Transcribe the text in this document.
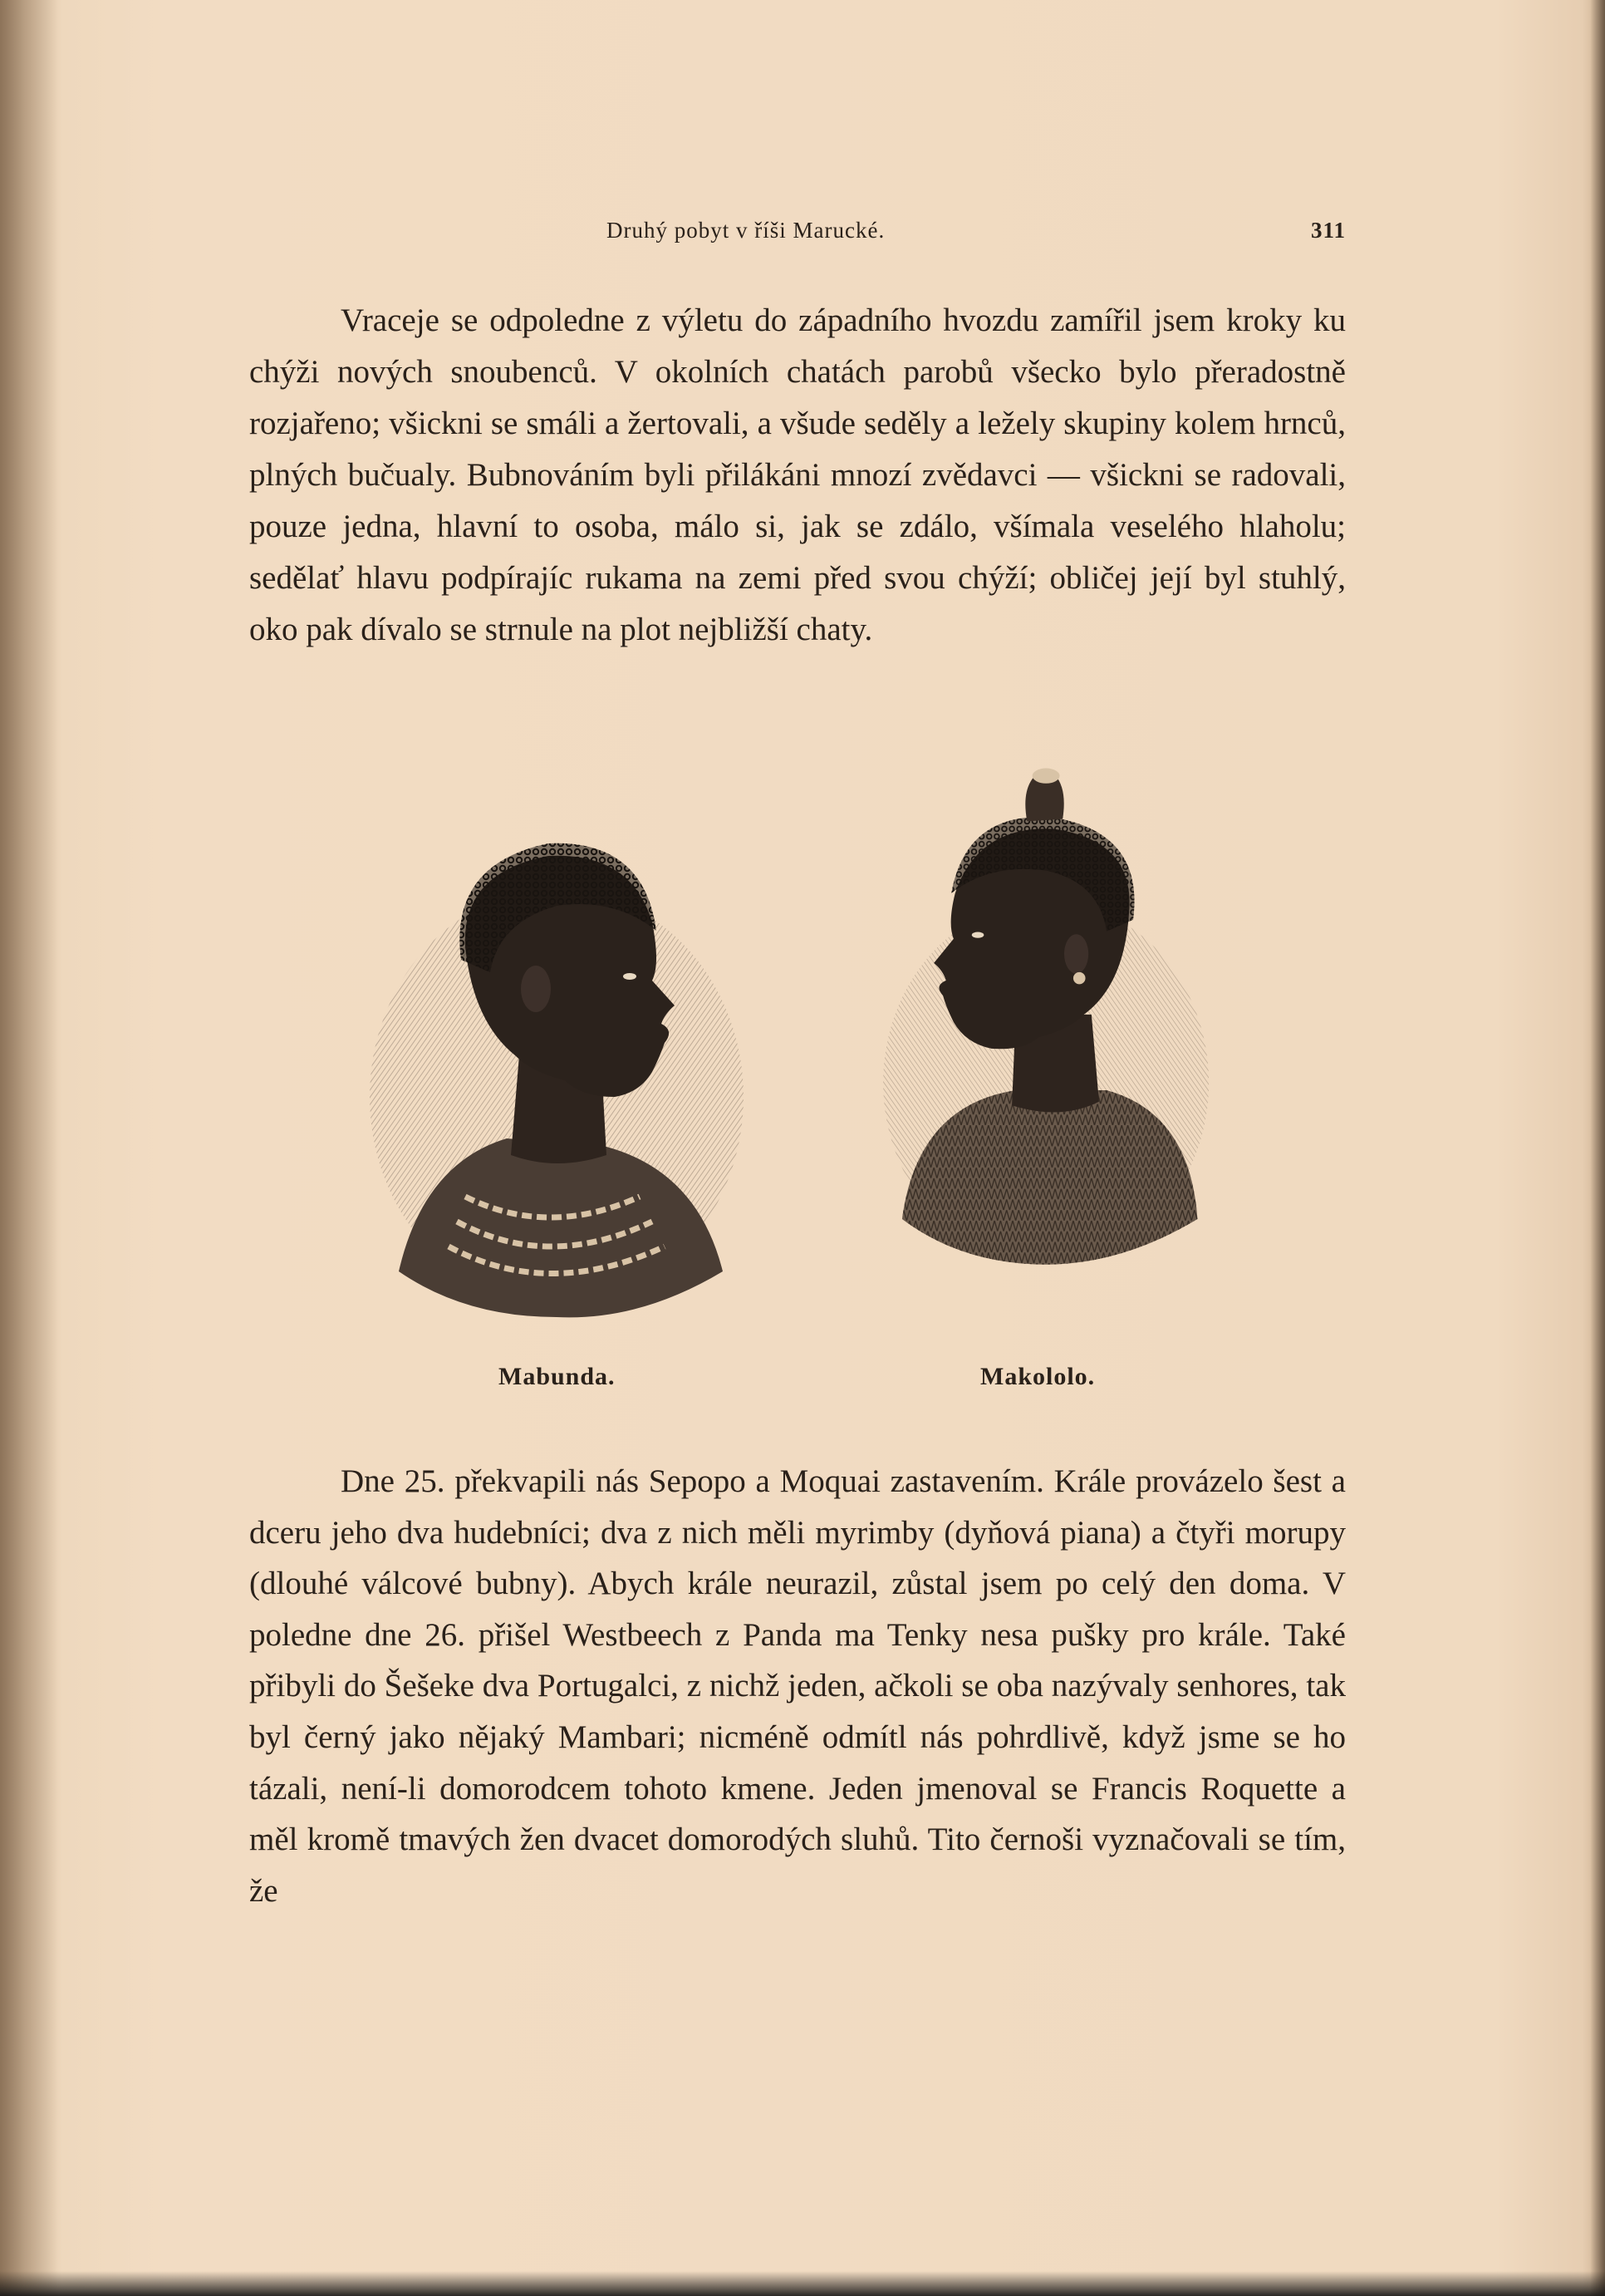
Druhý pobyt v říši Marucké.	311

Vraceje se odpoledne z výletu do západního hvozdu zamířil jsem kroky ku chýži nových snoubenců. V okolních chatách parobů všecko bylo přeradostně rozjařeno; všickni se smáli a žertovali, a všude seděly a ležely skupiny kolem hrnců, plných bučualy. Bubnováním byli přilákáni mnozí zvědavci — všickni se radovali, pouze jedna, hlavní to osoba, málo si, jak se zdálo, všímala veselého hlaholu; sedělať hlavu podpírajíc rukama na zemi před svou chýží; obličej její byl stuhlý, oko pak dívalo se strnule na plot nejbližší chaty.

Mabunda.	Makololo.

Dne 25. překvapili nás Sepopo a Moquai zastavením. Krále provázelo šest a dceru jeho dva hudebníci; dva z nich měli myrimby (dyňová piana) a čtyři morupy (dlouhé válcové bubny). Abych krále neurazil, zůstal jsem po celý den doma. V poledne dne 26. přišel Westbeech z Panda ma Tenky nesa pušky pro krále. Také přibyli do Šešeke dva Portugalci, z nichž jeden, ačkoli se oba nazývaly senhores, tak byl černý jako nějaký Mambari; nicméně odmítl nás pohrdlivě, když jsme se ho tázali, není-li domorodcem tohoto kmene. Jeden jmenoval se Francis Roquette a měl kromě tmavých žen dvacet domorodých sluhů. Tito černoši vyznačovali se tím, že
